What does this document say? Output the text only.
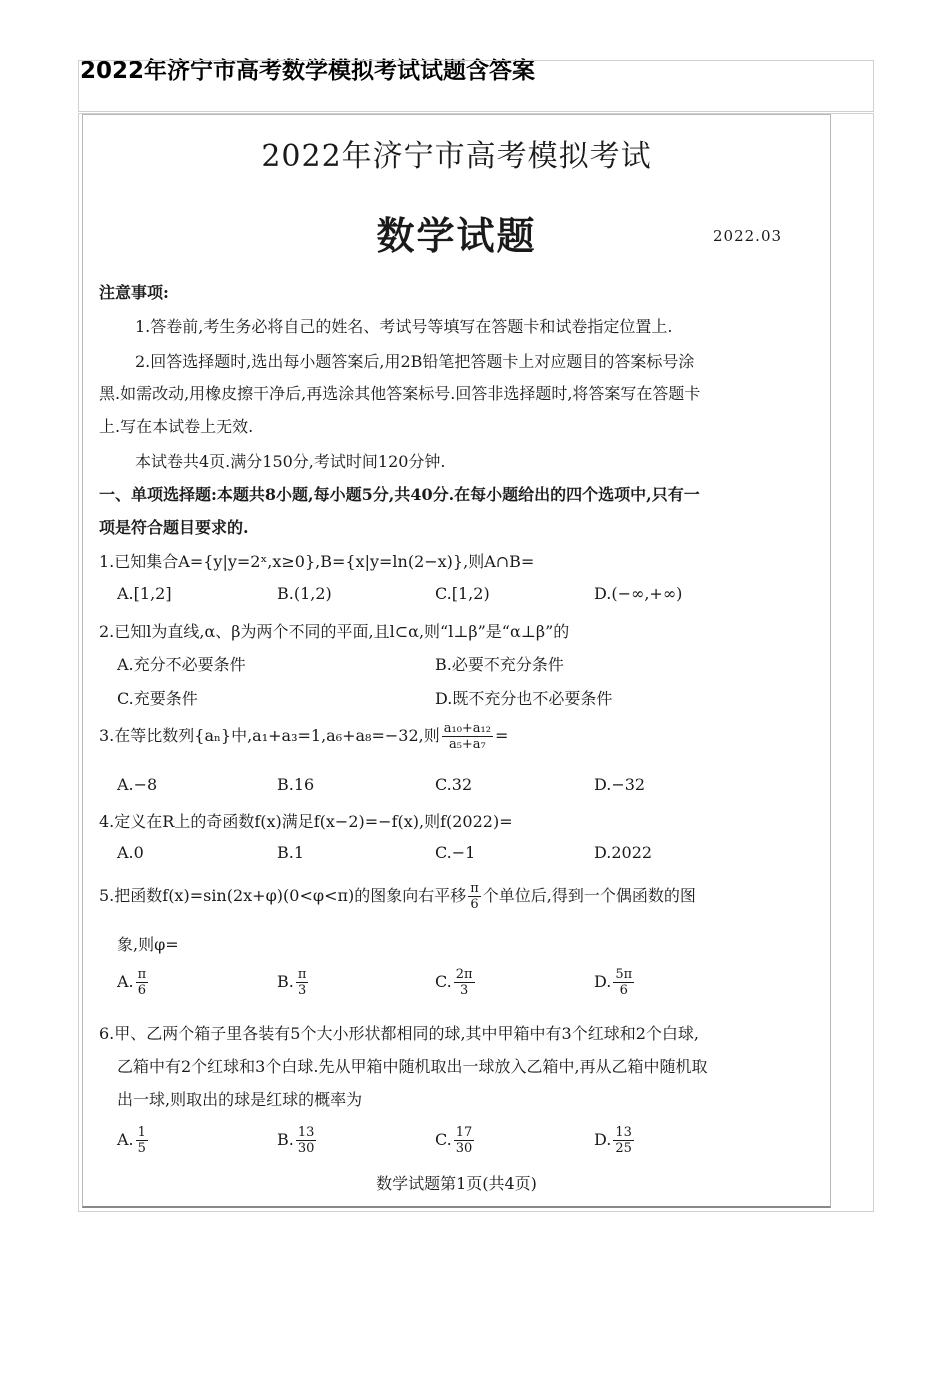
2022年济宁市高考数学模拟考试试题含答案
2022年济宁市高考模拟考试
数学试题	2022.03
注意事项:
1.答卷前,考生务必将自己的姓名、考试号等填写在答题卡和试卷指定位置上.
2.回答选择题时,选出每小题答案后,用2B铅笔把答题卡上对应题目的答案标号涂
黑.如需改动,用橡皮擦干净后,再选涂其他答案标号.回答非选择题时,将答案写在答题卡
上.写在本试卷上无效.
本试卷共4页.满分150分,考试时间120分钟.
一、单项选择题:本题共8小题,每小题5分,共40分.在每小题给出的四个选项中,只有一
项是符合题目要求的.
1.已知集合A={y|y=2ˣ,x≥0},B={x|y=ln(2−x)},则A∩B=
A.[1,2]	B.(1,2)	C.[1,2)	D.(−∞,+∞)
2.已知l为直线,α、β为两个不同的平面,且l⊂α,则“l⊥β”是“α⊥β”的
A.充分不必要条件	B.必要不充分条件
C.充要条件	D.既不充分也不必要条件
3.在等比数列{aₙ}中,a₁+a₃=1,a₆+a₈=−32,则 $\frac{\text{a₁₀+a₁₂}}{\text{a₅+a₇}}$ =
A.−8	B.16	C.32	D.−32
4.定义在R上的奇函数f(x)满足f(x−2)=−f(x),则f(2022)=
A.0	B.1	C.−1	D.2022
5.把函数f(x)=sin(2x+φ)(0<φ<π)的图象向右平移 $\frac{\pi}{6}$ 个单位后,得到一个偶函数的图
象,则φ=
A. $\frac{\pi}{6}$	B. $\frac{\pi}{3}$	C. $\frac{2\pi}{3}$	D. $\frac{5\pi}{6}$
6.甲、乙两个箱子里各装有5个大小形状都相同的球,其中甲箱中有3个红球和2个白球,
乙箱中有2个红球和3个白球.先从甲箱中随机取出一球放入乙箱中,再从乙箱中随机取
出一球,则取出的球是红球的概率为
A. $\frac{1}{5}$	B. $\frac{13}{30}$	C. $\frac{17}{30}$	D. $\frac{13}{25}$
数学试题第1页(共4页)
